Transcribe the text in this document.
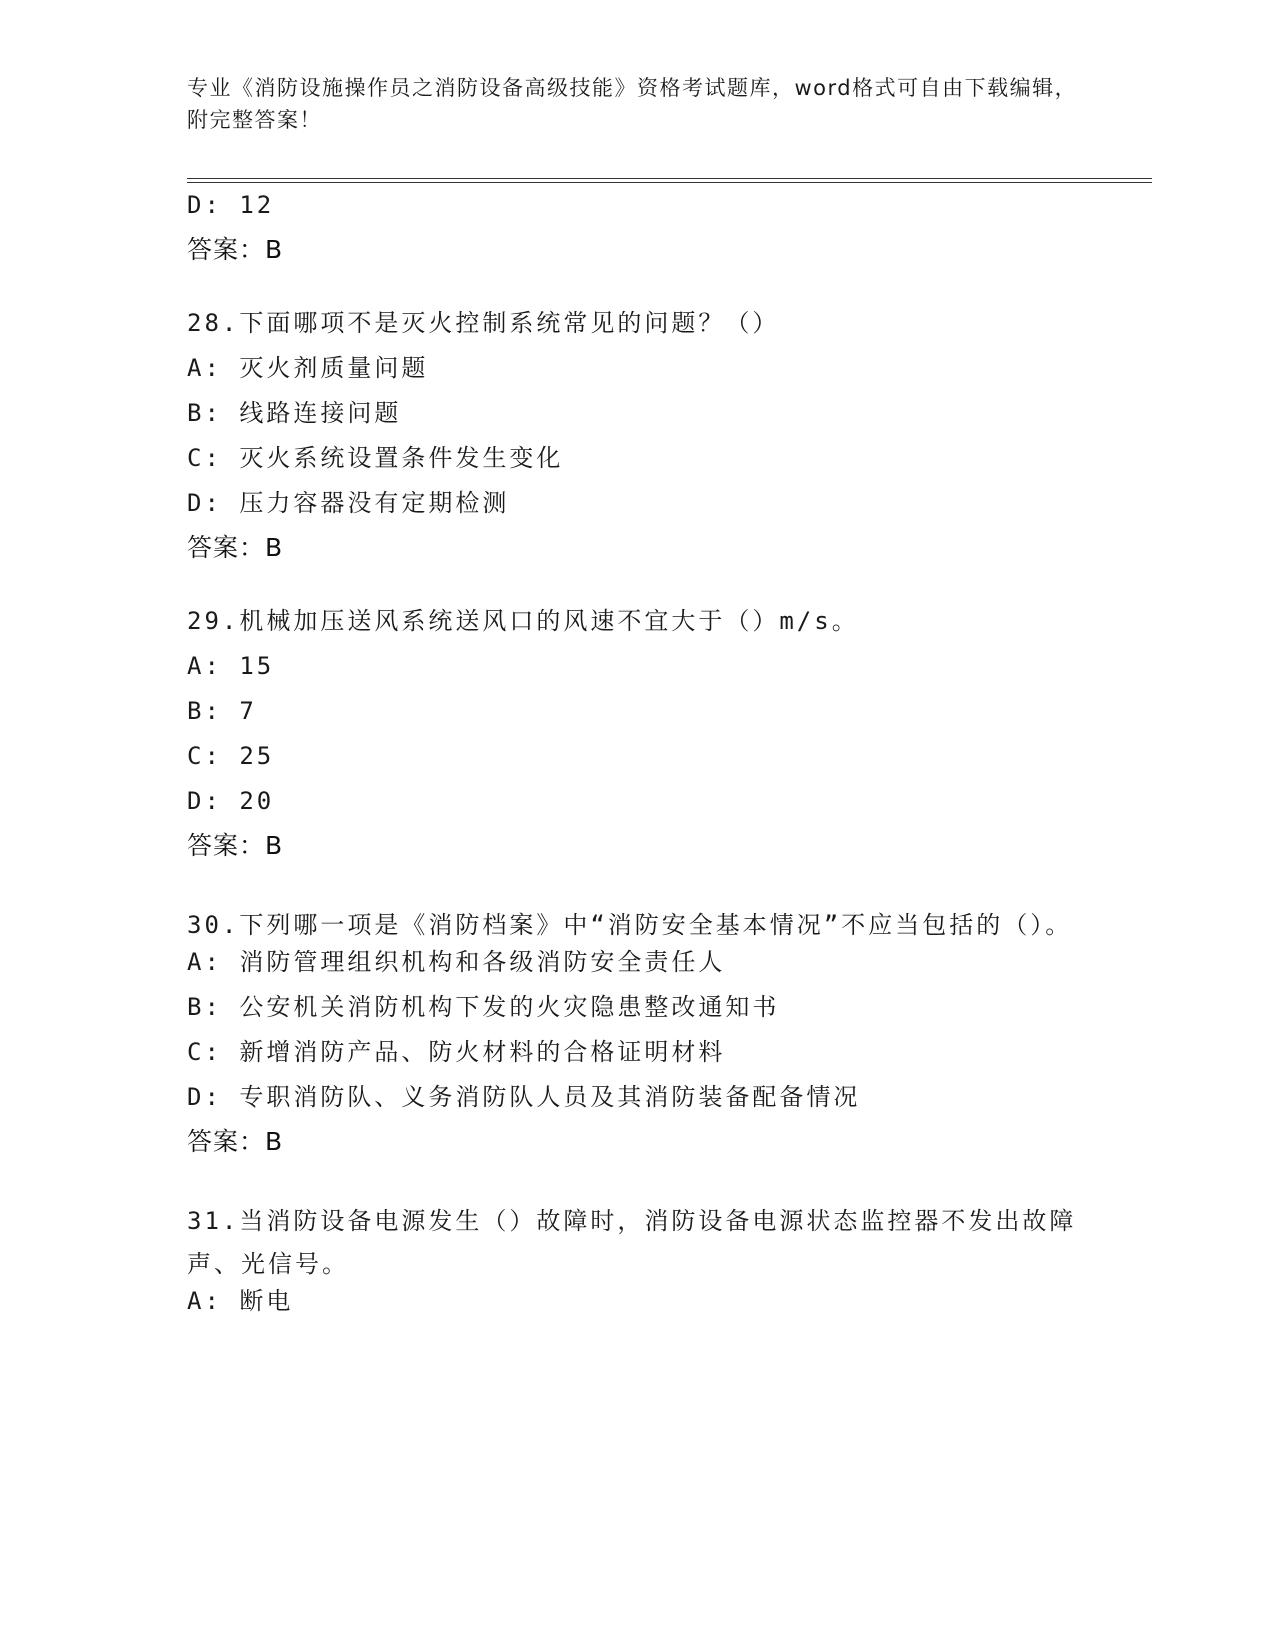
专业《消防设施操作员之消防设备高级技能》资格考试题库，word格式可自由下载编辑，附完整答案！
D: 12
答案：B
28.下面哪项不是灭火控制系统常见的问题？（）
A: 灭火剂质量问题
B: 线路连接问题
C: 灭火系统设置条件发生变化
D: 压力容器没有定期检测
答案：B
29.机械加压送风系统送风口的风速不宜大于（）m/s。
A: 15
B: 7
C: 25
D: 20
答案：B
30.下列哪一项是《消防档案》中“消防安全基本情况”不应当包括的（）。
A: 消防管理组织机构和各级消防安全责任人
B: 公安机关消防机构下发的火灾隐患整改通知书
C: 新增消防产品、防火材料的合格证明材料
D: 专职消防队、义务消防队人员及其消防装备配备情况
答案：B
31.当消防设备电源发生（）故障时，消防设备电源状态监控器不发出故障声、光信号。
A: 断电
